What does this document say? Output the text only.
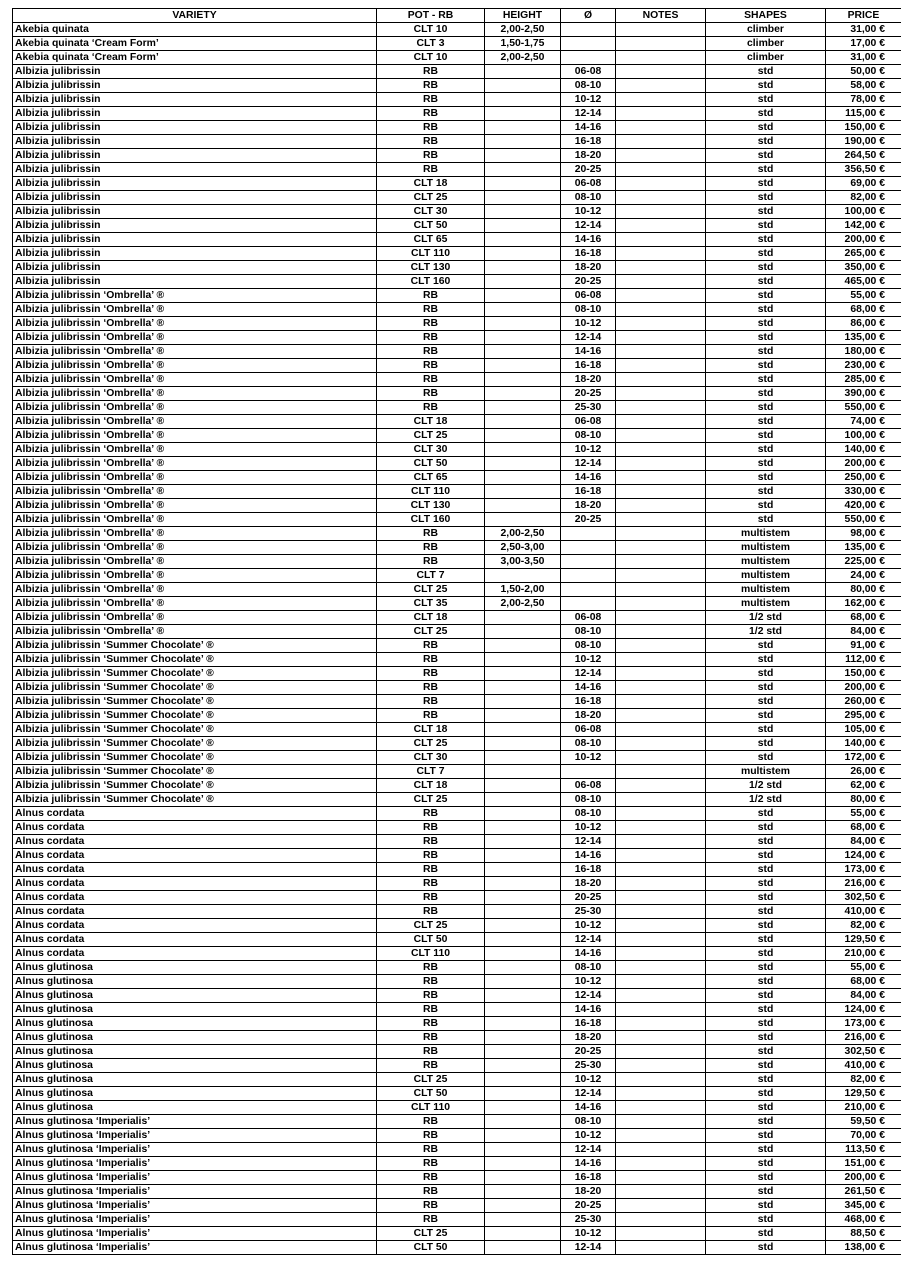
VARIETY	POT - RB	HEIGHT	Ø	NOTES	SHAPES	PRICE
Akebia quinata	CLT 10	2,00-2,50			climber	31,00 €
Akebia quinata ‘Cream Form’	CLT 3	1,50-1,75			climber	17,00 €
Akebia quinata ‘Cream Form’	CLT 10	2,00-2,50			climber	31,00 €
Albizia julibrissin	RB		06-08		std	50,00 €
Albizia julibrissin	RB		08-10		std	58,00 €
Albizia julibrissin	RB		10-12		std	78,00 €
Albizia julibrissin	RB		12-14		std	115,00 €
Albizia julibrissin	RB		14-16		std	150,00 €
Albizia julibrissin	RB		16-18		std	190,00 €
Albizia julibrissin	RB		18-20		std	264,50 €
Albizia julibrissin	RB		20-25		std	356,50 €
Albizia julibrissin	CLT 18		06-08		std	69,00 €
Albizia julibrissin	CLT 25		08-10		std	82,00 €
Albizia julibrissin	CLT 30		10-12		std	100,00 €
Albizia julibrissin	CLT 50		12-14		std	142,00 €
Albizia julibrissin	CLT 65		14-16		std	200,00 €
Albizia julibrissin	CLT 110		16-18		std	265,00 €
Albizia julibrissin	CLT 130		18-20		std	350,00 €
Albizia julibrissin	CLT 160		20-25		std	465,00 €
Albizia julibrissin ‘Ombrella’ ®	RB		06-08		std	55,00 €
Albizia julibrissin ‘Ombrella’ ®	RB		08-10		std	68,00 €
Albizia julibrissin ‘Ombrella’ ®	RB		10-12		std	86,00 €
Albizia julibrissin ‘Ombrella’ ®	RB		12-14		std	135,00 €
Albizia julibrissin ‘Ombrella’ ®	RB		14-16		std	180,00 €
Albizia julibrissin ‘Ombrella’ ®	RB		16-18		std	230,00 €
Albizia julibrissin ‘Ombrella’ ®	RB		18-20		std	285,00 €
Albizia julibrissin ‘Ombrella’ ®	RB		20-25		std	390,00 €
Albizia julibrissin ‘Ombrella’ ®	RB		25-30		std	550,00 €
Albizia julibrissin ‘Ombrella’ ®	CLT 18		06-08		std	74,00 €
Albizia julibrissin ‘Ombrella’ ®	CLT 25		08-10		std	100,00 €
Albizia julibrissin ‘Ombrella’ ®	CLT 30		10-12		std	140,00 €
Albizia julibrissin ‘Ombrella’ ®	CLT 50		12-14		std	200,00 €
Albizia julibrissin ‘Ombrella’ ®	CLT 65		14-16		std	250,00 €
Albizia julibrissin ‘Ombrella’ ®	CLT 110		16-18		std	330,00 €
Albizia julibrissin ‘Ombrella’ ®	CLT 130		18-20		std	420,00 €
Albizia julibrissin ‘Ombrella’ ®	CLT 160		20-25		std	550,00 €
Albizia julibrissin ‘Ombrella’ ®	RB	2,00-2,50			multistem	98,00 €
Albizia julibrissin ‘Ombrella’ ®	RB	2,50-3,00			multistem	135,00 €
Albizia julibrissin ‘Ombrella’ ®	RB	3,00-3,50			multistem	225,00 €
Albizia julibrissin ‘Ombrella’ ®	CLT 7				multistem	24,00 €
Albizia julibrissin ‘Ombrella’ ®	CLT 25	1,50-2,00			multistem	80,00 €
Albizia julibrissin ‘Ombrella’ ®	CLT 35	2,00-2,50			multistem	162,00 €
Albizia julibrissin ‘Ombrella’ ®	CLT 18		06-08		1/2 std	68,00 €
Albizia julibrissin ‘Ombrella’ ®	CLT 25		08-10		1/2 std	84,00 €
Albizia julibrissin ‘Summer Chocolate’ ®	RB		08-10		std	91,00 €
Albizia julibrissin ‘Summer Chocolate’ ®	RB		10-12		std	112,00 €
Albizia julibrissin ‘Summer Chocolate’ ®	RB		12-14		std	150,00 €
Albizia julibrissin ‘Summer Chocolate’ ®	RB		14-16		std	200,00 €
Albizia julibrissin ‘Summer Chocolate’ ®	RB		16-18		std	260,00 €
Albizia julibrissin ‘Summer Chocolate’ ®	RB		18-20		std	295,00 €
Albizia julibrissin ‘Summer Chocolate’ ®	CLT 18		06-08		std	105,00 €
Albizia julibrissin ‘Summer Chocolate’ ®	CLT 25		08-10		std	140,00 €
Albizia julibrissin ‘Summer Chocolate’ ®	CLT 30		10-12		std	172,00 €
Albizia julibrissin ‘Summer Chocolate’ ®	CLT 7				multistem	26,00 €
Albizia julibrissin ‘Summer Chocolate’ ®	CLT 18		06-08		1/2 std	62,00 €
Albizia julibrissin ‘Summer Chocolate’ ®	CLT 25		08-10		1/2 std	80,00 €
Alnus cordata	RB		08-10		std	55,00 €
Alnus cordata	RB		10-12		std	68,00 €
Alnus cordata	RB		12-14		std	84,00 €
Alnus cordata	RB		14-16		std	124,00 €
Alnus cordata	RB		16-18		std	173,00 €
Alnus cordata	RB		18-20		std	216,00 €
Alnus cordata	RB		20-25		std	302,50 €
Alnus cordata	RB		25-30		std	410,00 €
Alnus cordata	CLT 25		10-12		std	82,00 €
Alnus cordata	CLT 50		12-14		std	129,50 €
Alnus cordata	CLT 110		14-16		std	210,00 €
Alnus glutinosa	RB		08-10		std	55,00 €
Alnus glutinosa	RB		10-12		std	68,00 €
Alnus glutinosa	RB		12-14		std	84,00 €
Alnus glutinosa	RB		14-16		std	124,00 €
Alnus glutinosa	RB		16-18		std	173,00 €
Alnus glutinosa	RB		18-20		std	216,00 €
Alnus glutinosa	RB		20-25		std	302,50 €
Alnus glutinosa	RB		25-30		std	410,00 €
Alnus glutinosa	CLT 25		10-12		std	82,00 €
Alnus glutinosa	CLT 50		12-14		std	129,50 €
Alnus glutinosa	CLT 110		14-16		std	210,00 €
Alnus glutinosa ‘Imperialis’	RB		08-10		std	59,50 €
Alnus glutinosa ‘Imperialis’	RB		10-12		std	70,00 €
Alnus glutinosa ‘Imperialis’	RB		12-14		std	113,50 €
Alnus glutinosa ‘Imperialis’	RB		14-16		std	151,00 €
Alnus glutinosa ‘Imperialis’	RB		16-18		std	200,00 €
Alnus glutinosa ‘Imperialis’	RB		18-20		std	261,50 €
Alnus glutinosa ‘Imperialis’	RB		20-25		std	345,00 €
Alnus glutinosa ‘Imperialis’	RB		25-30		std	468,00 €
Alnus glutinosa ‘Imperialis’	CLT 25		10-12		std	88,50 €
Alnus glutinosa ‘Imperialis’	CLT 50		12-14		std	138,00 €
